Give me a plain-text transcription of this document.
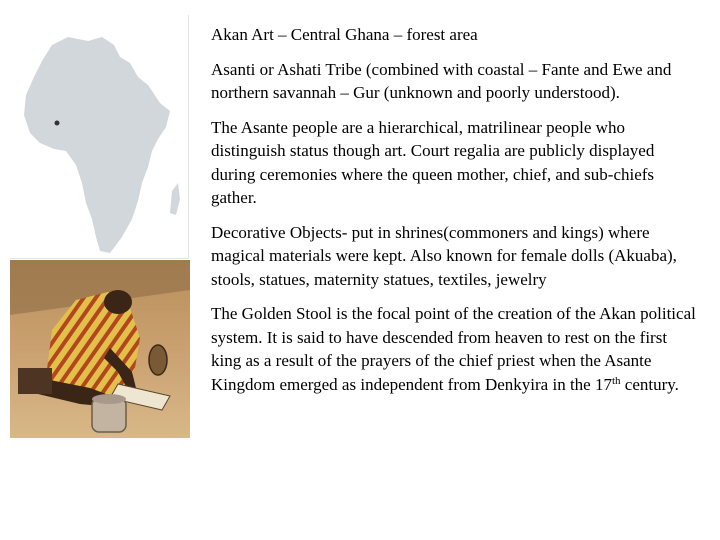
Akan Art – Central Ghana – forest area

Asanti or Ashati Tribe (combined with coastal – Fante and Ewe and northern savannah – Gur (unknown and poorly understood).

The Asante people are a hierarchical, matrilinear people who distinguish status though art. Court regalia are publicly displayed during ceremonies where the queen mother, chief, and sub-chiefs gather.

Decorative Objects- put in shrines(commoners and kings) where magical materials were kept. Also known for female dolls (Akuaba), stools, statues, maternity statues, textiles, jewelry

The Golden Stool is the focal point of the creation of the Akan political system. It is said to have descended from heaven to rest on the first king as a result of the prayers of the chief priest when the Asante Kingdom emerged as independent from Denkyira in the 17th century.
